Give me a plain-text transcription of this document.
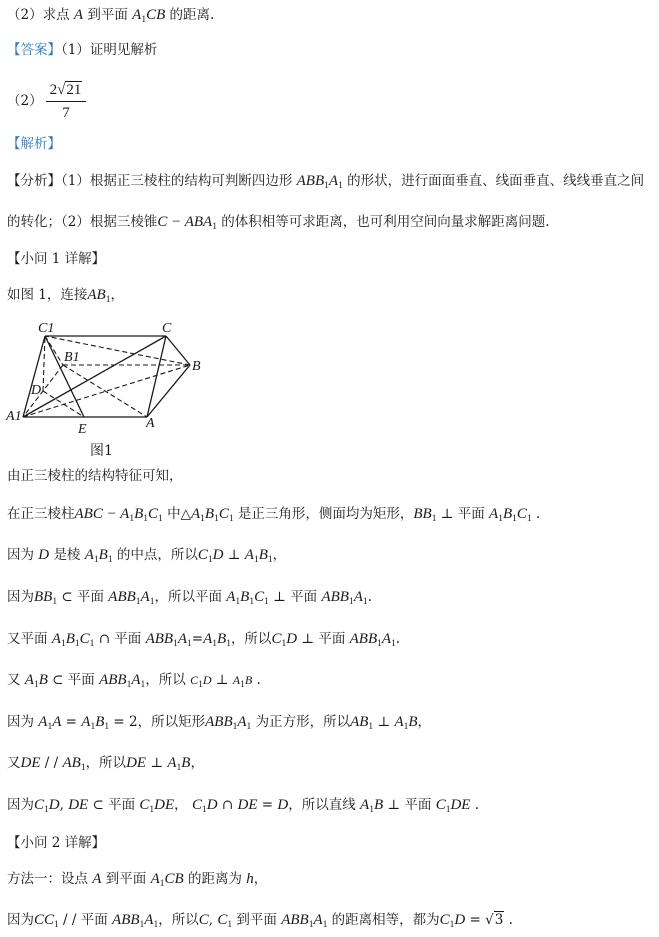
（2）求点 A 到平面 $A_1CB$ 的距离.
【答案】（1）证明见解析
$(2) \frac{2√21}{7}$
【解析】
【分析】（1）根据正三棱柱的结构可判断四边形 $ABB_1A_1$ 的形状，进行面面垂直、线面垂直、线线垂直之间
的转化；（2）根据三棱锥$C - ABA_1$ 的体积相等可求距离，也可利用空间向量求解距离问题.
【小问 1 详解】
如图 1，连接$AB_1$，
C1	C
B1
B
D
A1
E	A
图1
由正三棱柱的结构特征可知，
在正三棱柱ABC − $A_1B_1C_1$ 中$\triangle A_1B_1C_1$ 是正三角形，侧面均为矩形，$BB_1$ ⊥ 平面 $A_1B_1C_1$ .
因为 D 是棱 $A_1B_1$ 的中点，所以$C_1D$ ⊥ $A_1B_1$，
因为$BB_1$ ⊂ 平面 $ABB_1A_1$，所以平面 $A_1B_1C_1$ ⊥ 平面 $ABB_1A_1$.
又平面 $A_1B_1C_1$ ∩ 平面 $ABB_1A_1=A_1B_1$，所以$C_1D$ ⊥ 平面 $ABB_1A_1$.
又 $A_1B$ ⊂ 平面 $ABB_1A_1$，所以 $C_1D$ ⊥ $A_1B$ .
因为 $A_1A = A_1B_1 = 2$，所以矩形$ABB_1A_1$ 为正方形，所以$AB_1$ ⊥ $A_1B$，
又DE / / $AB_1$，所以DE ⊥ $A_1B$，
因为$C_1D$, DE ⊂ 平面 $C_1DE$， $C_1D$ ∩ DE = D，所以直线 $A_1B$ ⊥ 平面 $C_1DE$ .
【小问 2 详解】
方法一：设点 A 到平面 $A_1CB$ 的距离为 h，
因为$CC_1$ / / 平面 $ABB_1A_1$，所以C, $C_1$ 到平面 $ABB_1A_1$ 的距离相等，都为$C_1D = √3$ .
